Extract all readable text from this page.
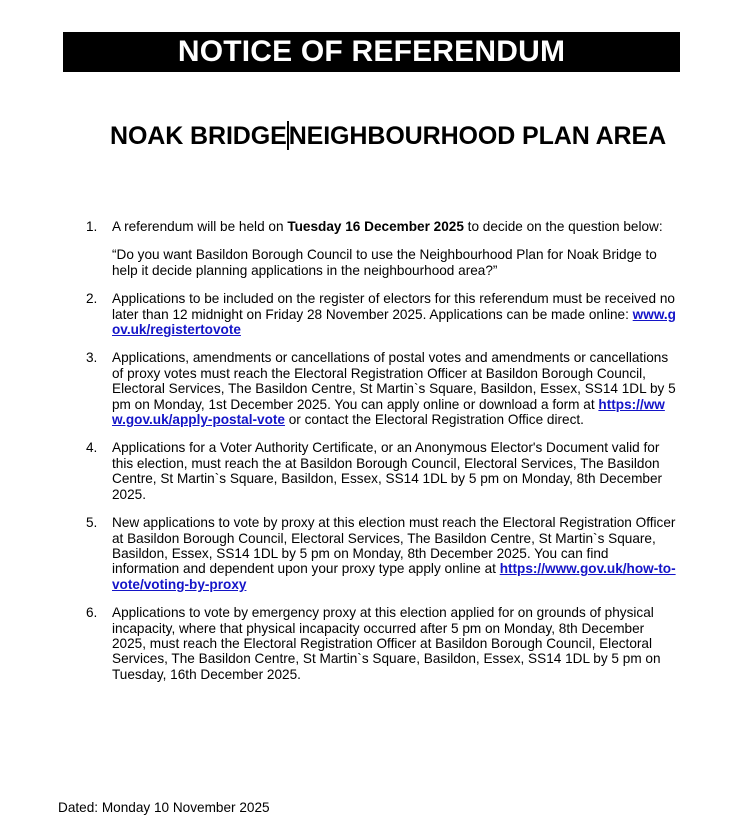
NOTICE OF REFERENDUM
NOAK BRIDGENEIGHBOURHOOD PLAN AREA
1.	A referendum will be held on Tuesday 16 December 2025 to decide on the question below:
“Do you want Basildon Borough Council to use the Neighbourhood Plan for Noak Bridge to help it decide planning applications in the neighbourhood area?”
2.	Applications to be included on the register of electors for this referendum must be received no later than 12 midnight on Friday 28 November 2025. Applications can be made online: www.gov.uk/registertovote
3.	Applications, amendments or cancellations of postal votes and amendments or cancellations of proxy votes must reach the Electoral Registration Officer at Basildon Borough Council, Electoral Services, The Basildon Centre, St Martin`s Square, Basildon, Essex, SS14 1DL by 5 pm on Monday, 1st December 2025. You can apply online or download a form at https://www.gov.uk/apply-postal-vote or contact the Electoral Registration Office direct.
4.	Applications for a Voter Authority Certificate, or an Anonymous Elector's Document valid for this election, must reach the at Basildon Borough Council, Electoral Services, The Basildon Centre, St Martin`s Square, Basildon, Essex, SS14 1DL by 5 pm on Monday, 8th December 2025.
5.	New applications to vote by proxy at this election must reach the Electoral Registration Officer at Basildon Borough Council, Electoral Services, The Basildon Centre, St Martin`s Square, Basildon, Essex, SS14 1DL by 5 pm on Monday, 8th December 2025. You can find information and dependent upon your proxy type apply online at https://www.gov.uk/how-to-vote/voting-by-proxy
6.	Applications to vote by emergency proxy at this election applied for on grounds of physical incapacity, where that physical incapacity occurred after 5 pm on Monday, 8th December 2025, must reach the Electoral Registration Officer at Basildon Borough Council, Electoral Services, The Basildon Centre, St Martin`s Square, Basildon, Essex, SS14 1DL by 5 pm on Tuesday, 16th December 2025.
Dated: Monday 10 November 2025
